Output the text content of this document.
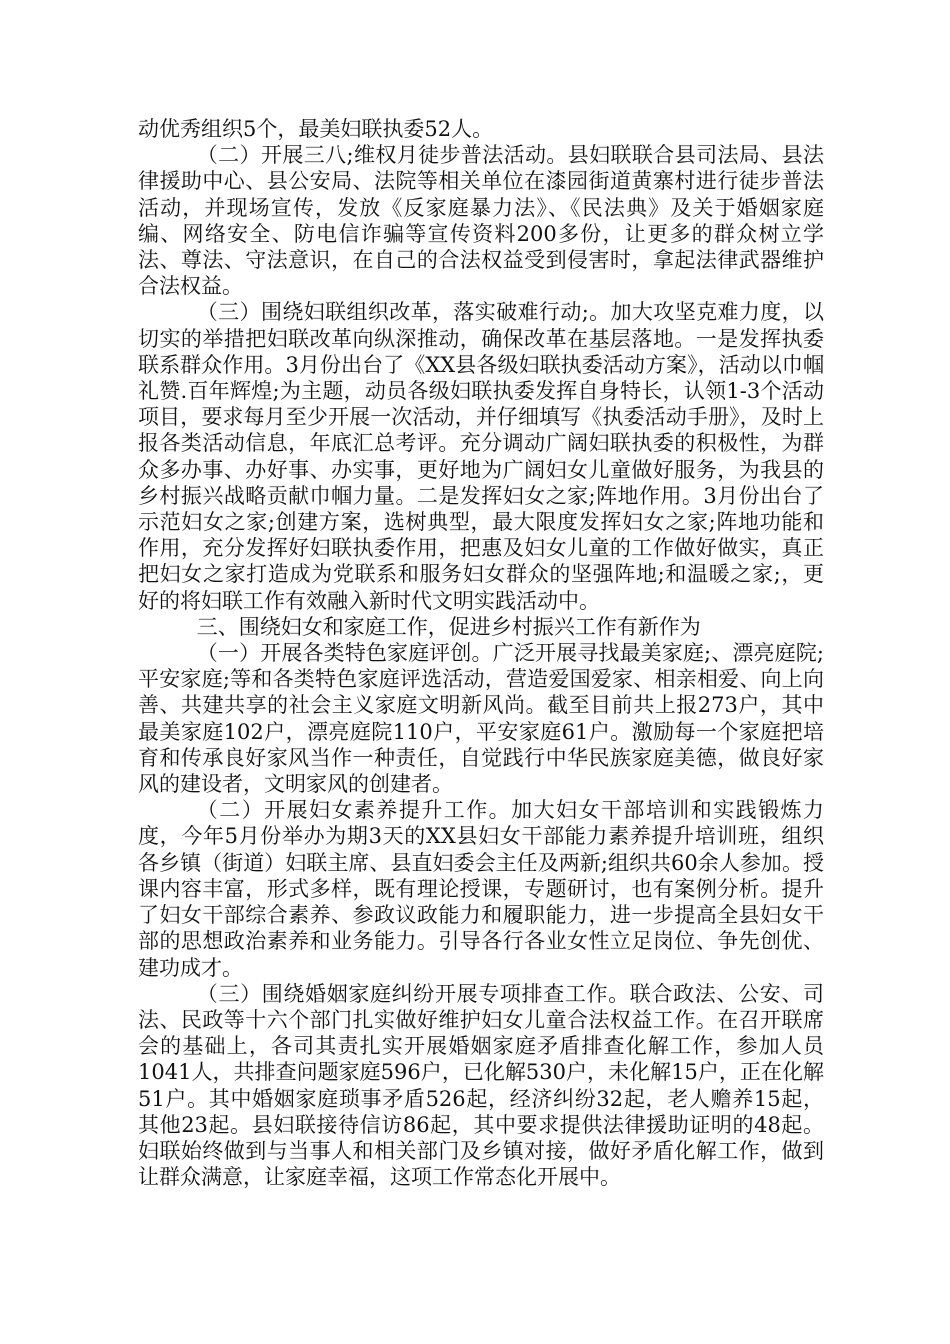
动优秀组织5个，最美妇联执委52人。

（二）开展三八;维权月徒步普法活动。县妇联联合县司法局、县法律援助中心、县公安局、法院等相关单位在漆园街道黄寨村进行徒步普法活动，并现场宣传，发放《反家庭暴力法》、《民法典》及关于婚姻家庭编、网络安全、防电信诈骗等宣传资料200多份，让更多的群众树立学法、尊法、守法意识，在自己的合法权益受到侵害时，拿起法律武器维护合法权益。

（三）围绕妇联组织改革，落实破难行动;。加大攻坚克难力度，以切实的举措把妇联改革向纵深推动，确保改革在基层落地。一是发挥执委联系群众作用。3月份出台了《XX县各级妇联执委活动方案》，活动以巾帼礼赞.百年辉煌;为主题，动员各级妇联执委发挥自身特长，认领1-3个活动项目，要求每月至少开展一次活动，并仔细填写《执委活动手册》，及时上报各类活动信息，年底汇总考评。充分调动广阔妇联执委的积极性，为群众多办事、办好事、办实事，更好地为广阔妇女儿童做好服务，为我县的乡村振兴战略贡献巾帼力量。二是发挥妇女之家;阵地作用。3月份出台了示范妇女之家;创建方案，选树典型，最大限度发挥妇女之家;阵地功能和作用，充分发挥好妇联执委作用，把惠及妇女儿童的工作做好做实，真正把妇女之家打造成为党联系和服务妇女群众的坚强阵地;和温暖之家;，更好的将妇联工作有效融入新时代文明实践活动中。

三、围绕妇女和家庭工作，促进乡村振兴工作有新作为

（一）开展各类特色家庭评创。广泛开展寻找最美家庭;、漂亮庭院;平安家庭;等和各类特色家庭评选活动，营造爱国爱家、相亲相爱、向上向善、共建共享的社会主义家庭文明新风尚。截至目前共上报273户，其中最美家庭102户，漂亮庭院110户，平安家庭61户。激励每一个家庭把培育和传承良好家风当作一种责任，自觉践行中华民族家庭美德，做良好家风的建设者，文明家风的创建者。

（二）开展妇女素养提升工作。加大妇女干部培训和实践锻炼力度，今年5月份举办为期3天的XX县妇女干部能力素养提升培训班，组织各乡镇（街道）妇联主席、县直妇委会主任及两新;组织共60余人参加。授课内容丰富，形式多样，既有理论授课，专题研讨，也有案例分析。提升了妇女干部综合素养、参政议政能力和履职能力，进一步提高全县妇女干部的思想政治素养和业务能力。引导各行各业女性立足岗位、争先创优、建功成才。

（三）围绕婚姻家庭纠纷开展专项排查工作。联合政法、公安、司法、民政等十六个部门扎实做好维护妇女儿童合法权益工作。在召开联席会的基础上，各司其责扎实开展婚姻家庭矛盾排查化解工作，参加人员1041人，共排查问题家庭596户，已化解530户，未化解15户，正在化解51户。其中婚姻家庭琐事矛盾526起，经济纠纷32起，老人赡养15起，其他23起。县妇联接待信访86起，其中要求提供法律援助证明的48起。妇联始终做到与当事人和相关部门及乡镇对接，做好矛盾化解工作，做到让群众满意，让家庭幸福，这项工作常态化开展中。
